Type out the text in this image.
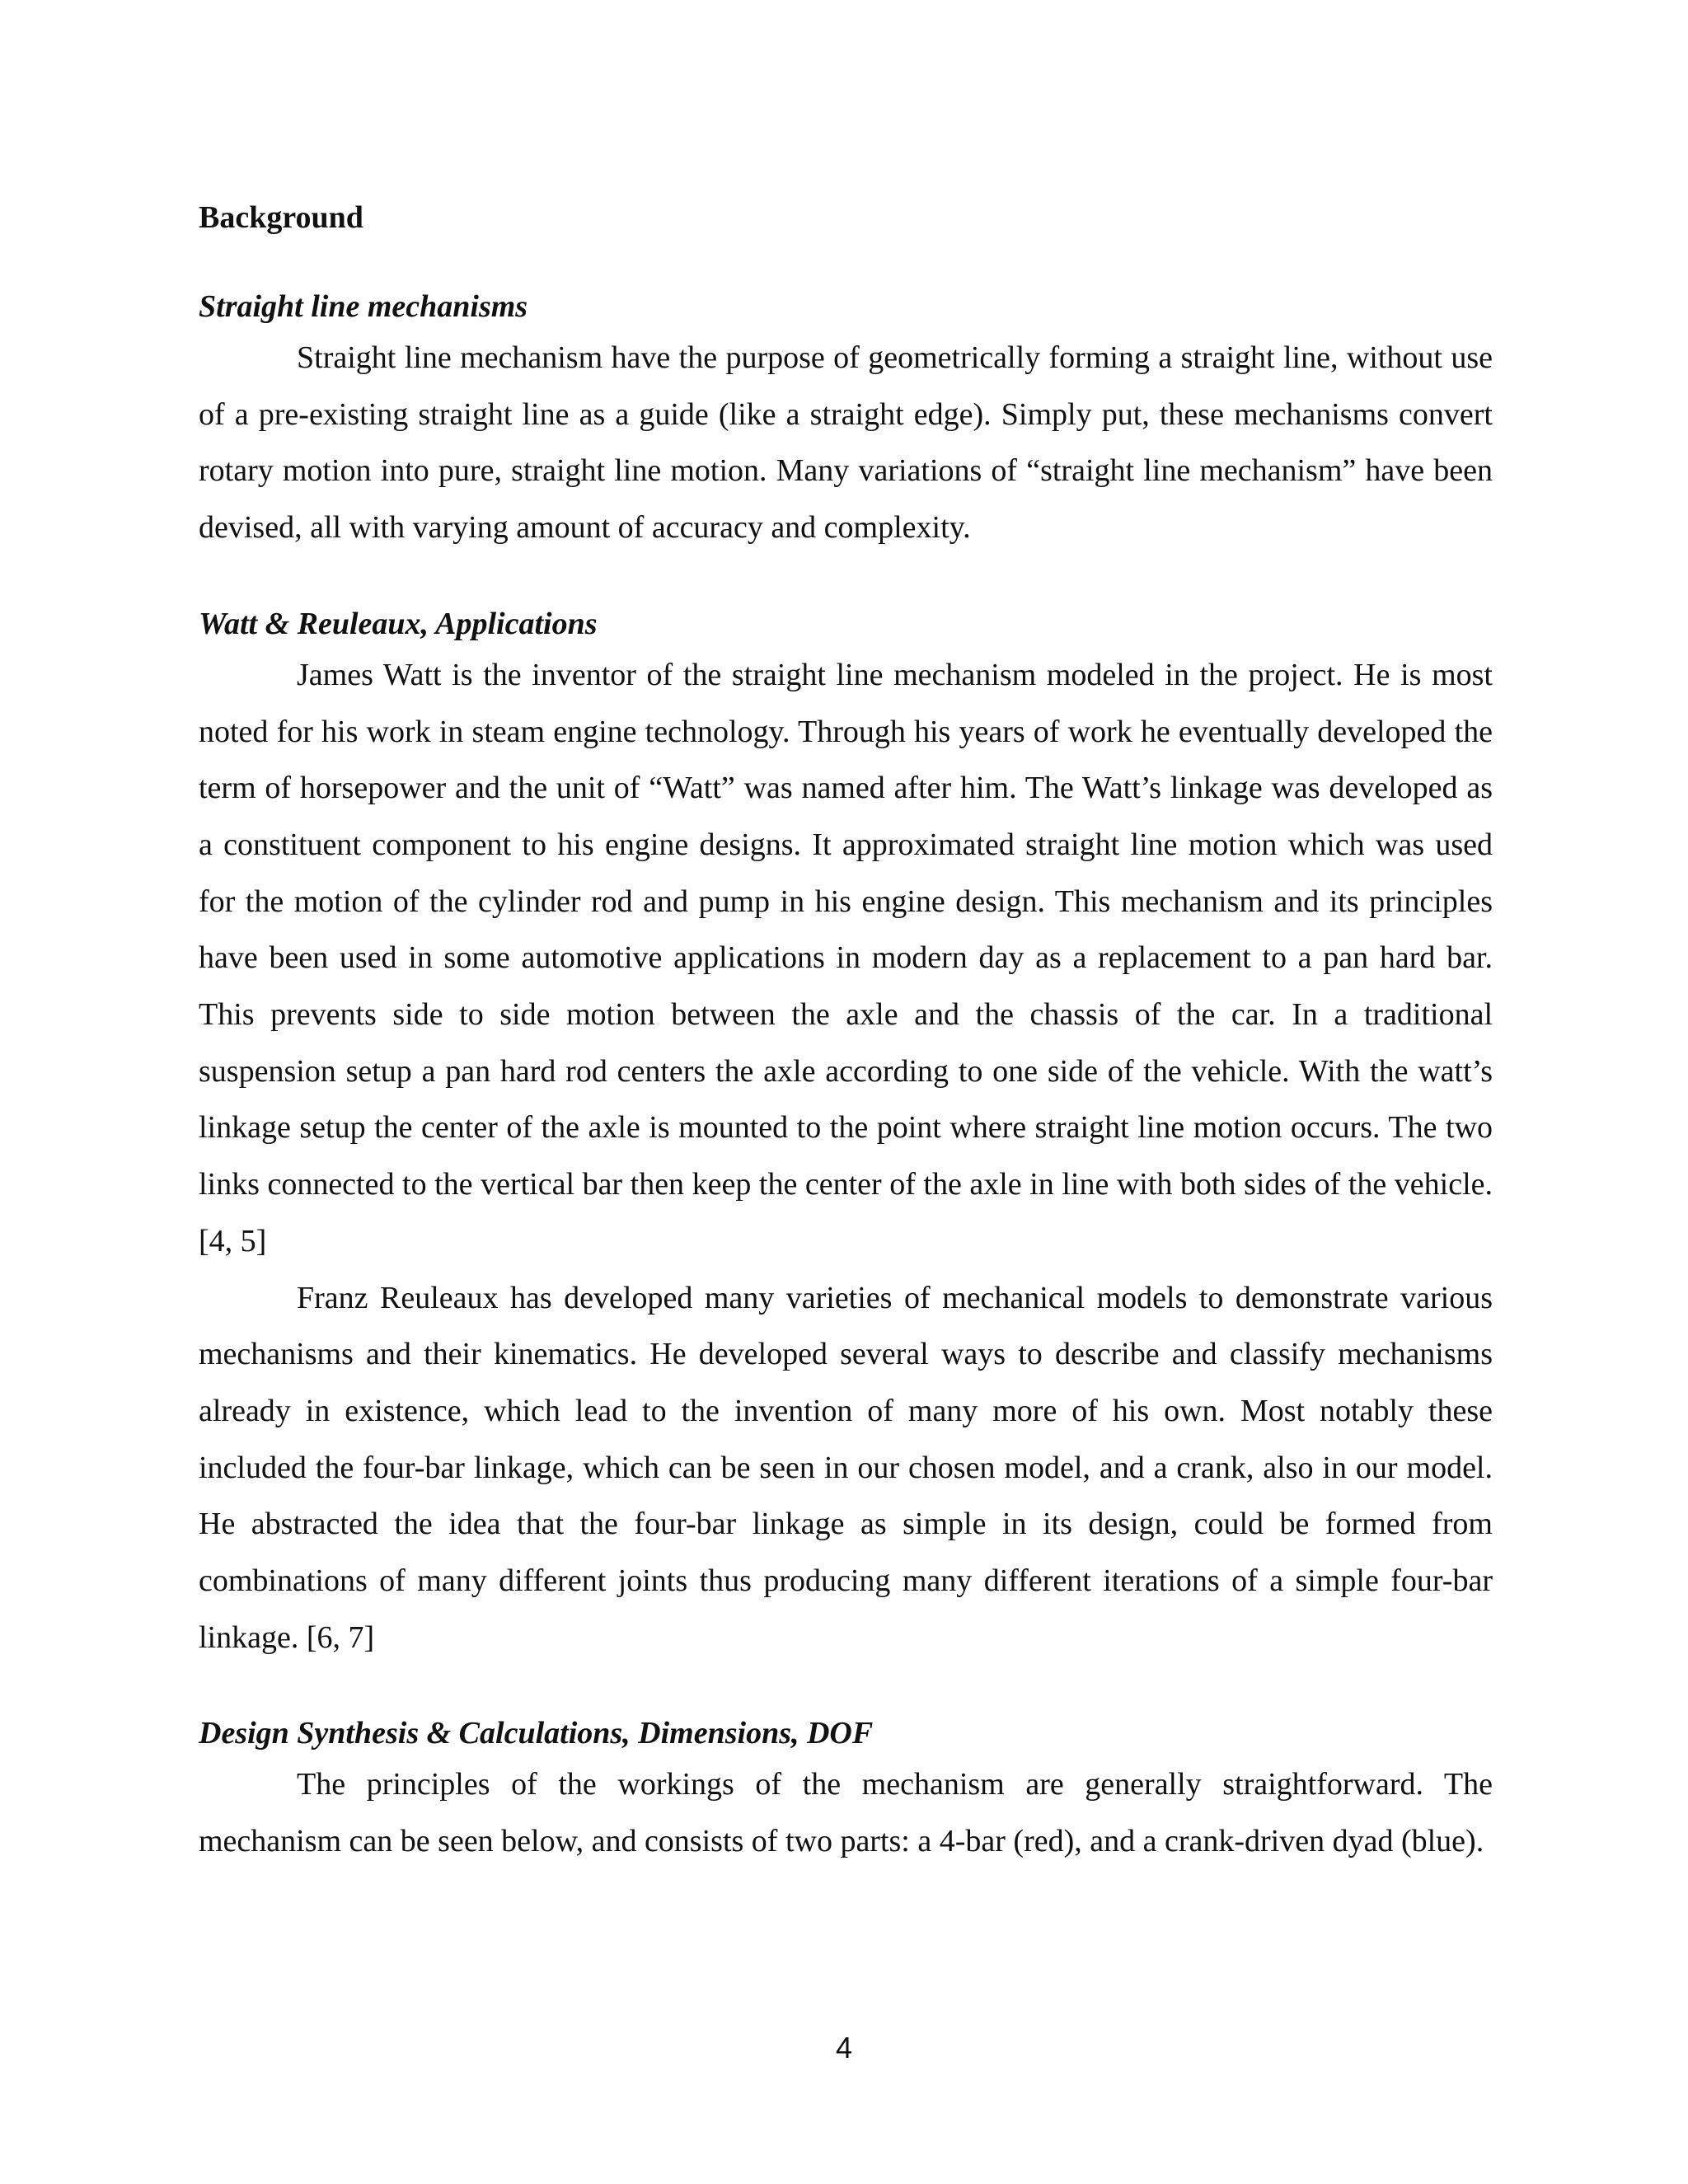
Background
Straight line mechanisms

Straight line mechanism have the purpose of geometrically forming a straight line, without use of a pre-existing straight line as a guide (like a straight edge). Simply put, these mechanisms convert rotary motion into pure, straight line motion. Many variations of “straight line mechanism” have been devised, all with varying amount of accuracy and complexity.

Watt & Reuleaux, Applications

James Watt is the inventor of the straight line mechanism modeled in the project. He is most noted for his work in steam engine technology. Through his years of work he eventually developed the term of horsepower and the unit of “Watt” was named after him. The Watt’s linkage was developed as a constituent component to his engine designs. It approximated straight line motion which was used for the motion of the cylinder rod and pump in his engine design. This mechanism and its principles have been used in some automotive applications in modern day as a replacement to a pan hard bar. This prevents side to side motion between the axle and the chassis of the car. In a traditional suspension setup a pan hard rod centers the axle according to one side of the vehicle. With the watt’s linkage setup the center of the axle is mounted to the point where straight line motion occurs. The two links connected to the vertical bar then keep the center of the axle in line with both sides of the vehicle. [4, 5]

Franz Reuleaux has developed many varieties of mechanical models to demonstrate various mechanisms and their kinematics. He developed several ways to describe and classify mechanisms already in existence, which lead to the invention of many more of his own. Most notably these included the four-bar linkage, which can be seen in our chosen model, and a crank, also in our model. He abstracted the idea that the four-bar linkage as simple in its design, could be formed from combinations of many different joints thus producing many different iterations of a simple four-bar linkage. [6, 7]

Design Synthesis & Calculations, Dimensions, DOF

The principles of the workings of the mechanism are generally straightforward. The mechanism can be seen below, and consists of two parts: a 4-bar (red), and a crank-driven dyad (blue).

4
